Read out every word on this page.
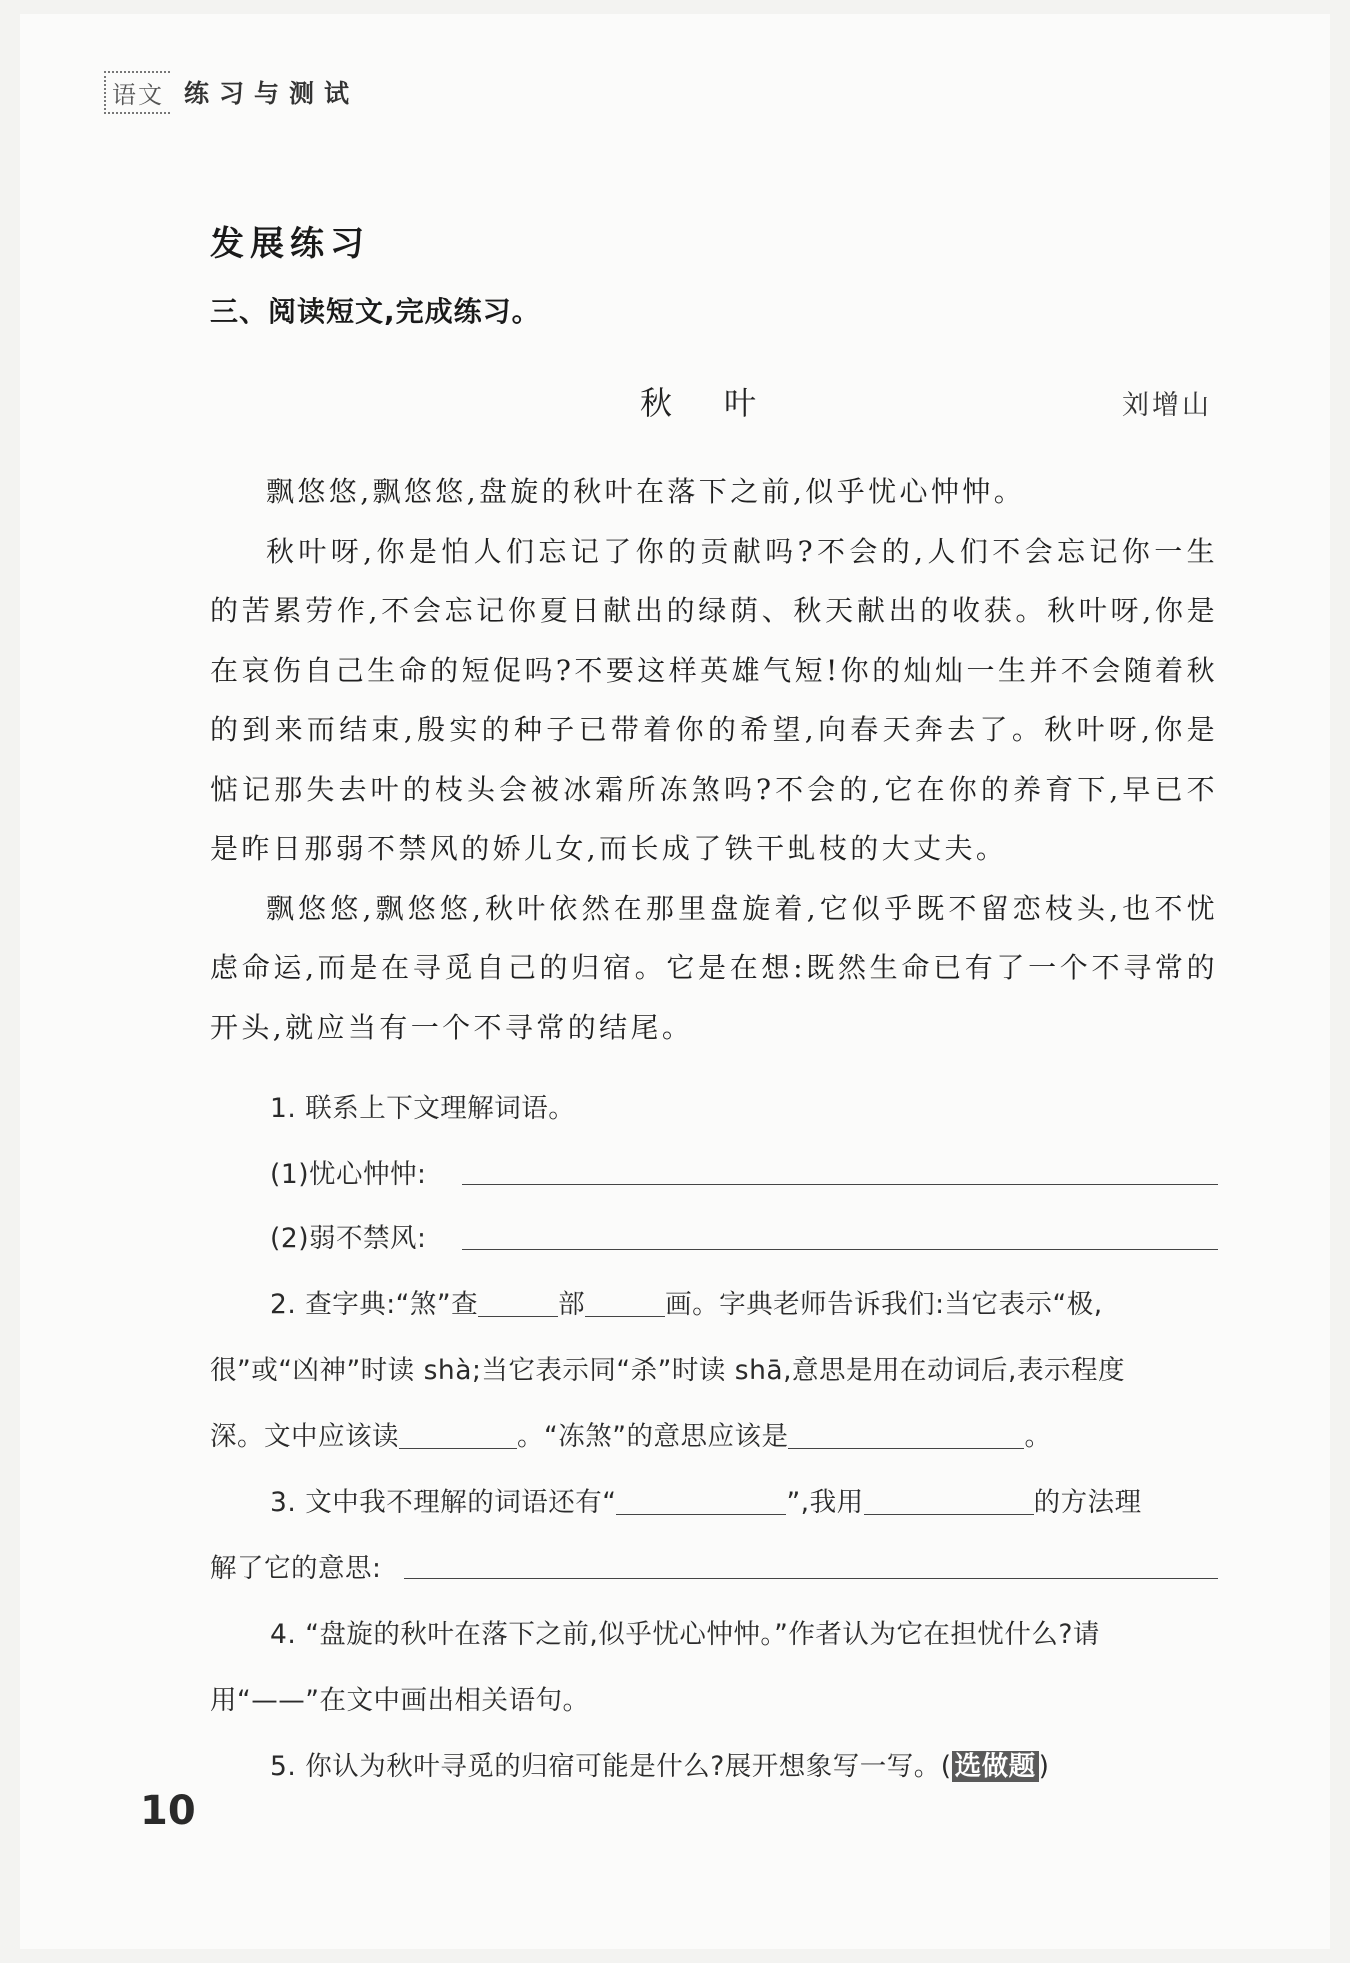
语文 练习与测试
发展练习
三、阅读短文,完成练习。
秋叶	刘增山

飘悠悠,飘悠悠,盘旋的秋叶在落下之前,似乎忧心忡忡。

秋叶呀,你是怕人们忘记了你的贡献吗?不会的,人们不会忘记你一生的苦累劳作,不会忘记你夏日献出的绿荫、秋天献出的收获。秋叶呀,你是在哀伤自己生命的短促吗?不要这样英雄气短!你的灿灿一生并不会随着秋的到来而结束,殷实的种子已带着你的希望,向春天奔去了。秋叶呀,你是惦记那失去叶的枝头会被冰霜所冻煞吗?不会的,它在你的养育下,早已不是昨日那弱不禁风的娇儿女,而长成了铁干虬枝的大丈夫。

飘悠悠,飘悠悠,秋叶依然在那里盘旋着,它似乎既不留恋枝头,也不忧虑命运,而是在寻觅自己的归宿。它是在想:既然生命已有了一个不寻常的开头,就应当有一个不寻常的结尾。

1. 联系上下文理解词语。
(1)忧心忡忡:
(2)弱不禁风:
2. 查字典:“煞”查	部	画。字典老师告诉我们:当它表示“极,
很”或“凶神”时读 shà;当它表示同“杀”时读 shā,意思是用在动词后,表示程度
深。文中应该读	。“冻煞”的意思应该是	。
3. 文中我不理解的词语还有“	”,我用	的方法理
解了它的意思:
4. “盘旋的秋叶在落下之前,似乎忧心忡忡。”作者认为它在担忧什么?请
用“——”在文中画出相关语句。
5. 你认为秋叶寻觅的归宿可能是什么?展开想象写一写。( 选做题 )
10
